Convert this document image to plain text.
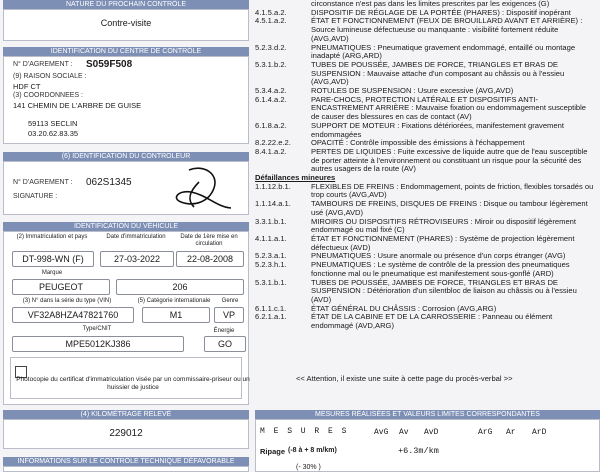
NATURE DU PROCHAIN CONTRÔLE
Contre-visite
IDENTIFICATION DU CENTRE DE CONTRÔLE
N° D'AGREMENT : S059F508
(9) RAISON SOCIALE :
HDF CT
(3) COORDONNEES :
141 CHEMIN DE L'ARBRE DE GUISE
59113 SECLIN
03.20.62.83.35
(6) IDENTIFICATION DU CONTROLEUR
N° D'AGREMENT : 062S1345
SIGNATURE :
IDENTIFICATION DU VÉHICULE
(2) Immatriculation et pays	Date d'immatriculation	Date de 1ère mise en circulation
DT-998-WN (F)	27-03-2022	22-08-2008
Marque
PEUGEOT	206
(3) N° dans la série du type (VIN)	(5) Catégorie internationale	Genre
VF32A8HZA47821760	M1	VP
Type/CNIT	Énergie
MPE5012KJ386	GO
Photocopie du certificat d'immatriculation visée par un commissaire-priseur ou un huissier de justice
(4) KILOMÉTRAGE RELEVÉ
229012
INFORMATIONS SUR LE CONTRÔLE TECHNIQUE DÉFAVORABLE
circonstance n'est pas dans les limites prescrites par les exigences (G)
4.1.5.a.2.	DISPOSITIF DE RÉGLAGE DE LA PORTÉE (PHARES) : Dispositif inopérant
4.5.1.a.2.	ÉTAT ET FONCTIONNEMENT (FEUX DE BROUILLARD AVANT ET ARRIÈRE) : Source lumineuse défectueuse ou manquante : visibilité fortement réduite (AVG,AVD)
5.2.3.d.2.	PNEUMATIQUES : Pneumatique gravement endommagé, entaillé ou montage inadapté (ARG,ARD)
5.3.1.b.2.	TUBES DE POUSSÉE, JAMBES DE FORCE, TRIANGLES ET BRAS DE SUSPENSION : Mauvaise attache d'un composant au châssis ou à l'essieu (AVG,AVD)
5.3.4.a.2.	ROTULES DE SUSPENSION : Usure excessive (AVG,AVD)
6.1.4.a.2.	PARE-CHOCS, PROTECTION LATÉRALE ET DISPOSITIFS ANTI-ENCASTREMENT ARRIÈRE : Mauvaise fixation ou endommagement susceptible de causer des blessures en cas de contact (AV)
6.1.8.a.2.	SUPPORT DE MOTEUR : Fixations détériorées, manifestement gravement endommagées
8.2.22.e.2.	OPACITÉ : Contrôle impossible des émissions à l'échappement
8.4.1.a.2.	PERTES DE LIQUIDES : Fuite excessive de liquide autre que de l'eau susceptible de porter atteinte à l'environnement ou constituant un risque pour la sécurité des autres usagers de la route (AV)
Défaillances mineures
1.1.12.b.1.	FLEXIBLES DE FREINS : Endommagement, points de friction, flexibles torsadés ou trop courts (AVG,AVD)
1.1.14.a.1.	TAMBOURS DE FREINS, DISQUES DE FREINS : Disque ou tambour légèrement usé (AVG,AVD)
3.3.1.b.1.	MIROIRS OU DISPOSITIFS RÉTROVISEURS : Miroir ou dispositif légèrement endommagé ou mal fixé (C)
4.1.1.a.1.	ÉTAT ET FONCTIONNEMENT (PHARES) : Système de projection légèrement défectueux (AVD)
5.2.3.a.1.	PNEUMATIQUES : Usure anormale ou présence d'un corps étranger (AVG)
5.2.3.h.1.	PNEUMATIQUES : Le système de contrôle de la pression des pneumatiques fonctionne mal ou le pneumatique est manifestement sous-gonflé (ARD)
5.3.1.b.1.	TUBES DE POUSSÉE, JAMBES DE FORCE, TRIANGLES ET BRAS DE SUSPENSION : Détérioration d'un silentbloc de liaison au châssis ou à l'essieu (AVD)
6.1.1.c.1.	ÉTAT GÉNÉRAL DU CHÂSSIS : Corrosion (AVG,ARG)
6.2.1.a.1.	ÉTAT DE LA CABINE ET DE LA CARROSSERIE : Panneau ou élément endommagé (AVD,ARG)
<< Attention, il existe une suite à cette page du procès-verbal >>
MESURES RÉALISÉES ET VALEURS LIMITES CORRESPONDANTES
M E S U R E S	AvG Av AvD	ArG Ar ArD
Ripage (-8 à + 8 m/km)	+6.3m/km
(- 30% )
